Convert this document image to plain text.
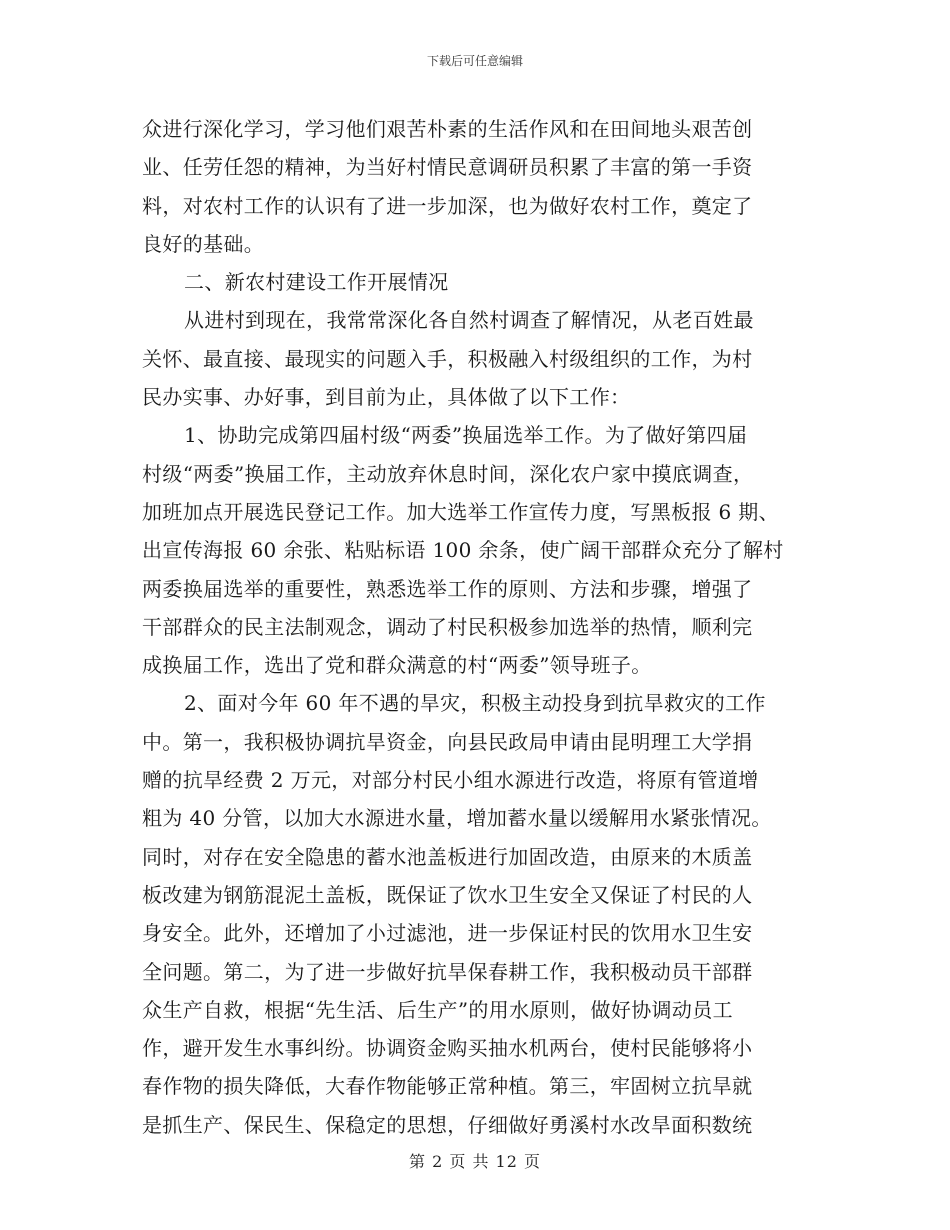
下载后可任意编辑
众进行深化学习，学习他们艰苦朴素的生活作风和在田间地头艰苦创
业、任劳任怨的精神，为当好村情民意调研员积累了丰富的第一手资
料，对农村工作的认识有了进一步加深，也为做好农村工作，奠定了
良好的基础。
二、新农村建设工作开展情况
从进村到现在，我常常深化各自然村调查了解情况，从老百姓最
关怀、最直接、最现实的问题入手，积极融入村级组织的工作，为村
民办实事、办好事，到目前为止，具体做了以下工作：
1、协助完成第四届村级“两委”换届选举工作。为了做好第四届
村级“两委”换届工作，主动放弃休息时间，深化农户家中摸底调查，
加班加点开展选民登记工作。加大选举工作宣传力度，写黑板报 6 期、
出宣传海报 60 余张、粘贴标语 100 余条，使广阔干部群众充分了解村
两委换届选举的重要性，熟悉选举工作的原则、方法和步骤，增强了
干部群众的民主法制观念，调动了村民积极参加选举的热情，顺利完
成换届工作，选出了党和群众满意的村“两委”领导班子。
2、面对今年 60 年不遇的旱灾，积极主动投身到抗旱救灾的工作
中。第一，我积极协调抗旱资金，向县民政局申请由昆明理工大学捐
赠的抗旱经费 2 万元，对部分村民小组水源进行改造，将原有管道增
粗为 40 分管，以加大水源进水量，增加蓄水量以缓解用水紧张情况。
同时，对存在安全隐患的蓄水池盖板进行加固改造，由原来的木质盖
板改建为钢筋混泥土盖板，既保证了饮水卫生安全又保证了村民的人
身安全。此外，还增加了小过滤池，进一步保证村民的饮用水卫生安
全问题。第二，为了进一步做好抗旱保春耕工作，我积极动员干部群
众生产自救，根据“先生活、后生产”的用水原则，做好协调动员工
作，避开发生水事纠纷。协调资金购买抽水机两台，使村民能够将小
春作物的损失降低，大春作物能够正常种植。第三，牢固树立抗旱就
是抓生产、保民生、保稳定的思想，仔细做好勇溪村水改旱面积数统
第 2 页 共 12 页
